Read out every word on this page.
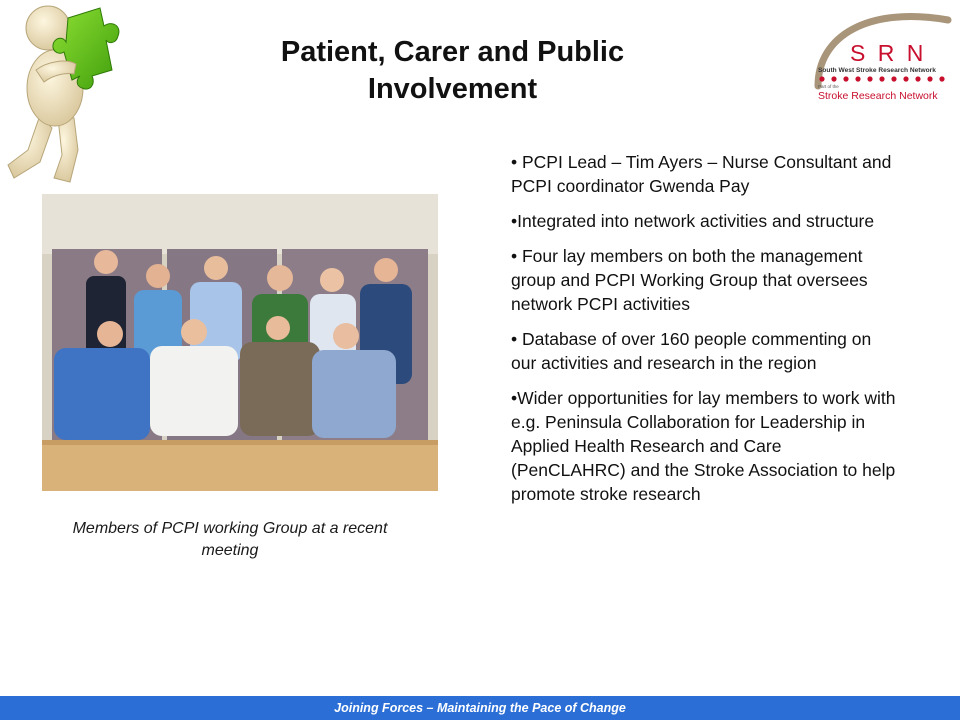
Patient, Carer and Public
Involvement
S R N
South West Stroke Research Network
Part of the
Stroke Research Network
Members of PCPI working Group at a recent meeting
• PCPI Lead – Tim Ayers – Nurse Consultant and PCPI coordinator Gwenda Pay
•Integrated into network activities and structure
• Four lay members on both the management group and PCPI Working Group that oversees network PCPI activities
• Database of over 160 people commenting on our activities and research in the region
•Wider opportunities for lay members to work with e.g. Peninsula Collaboration for Leadership in Applied Health Research and Care (PenCLAHRC) and the Stroke Association to help promote stroke research
Joining Forces – Maintaining the Pace of Change
